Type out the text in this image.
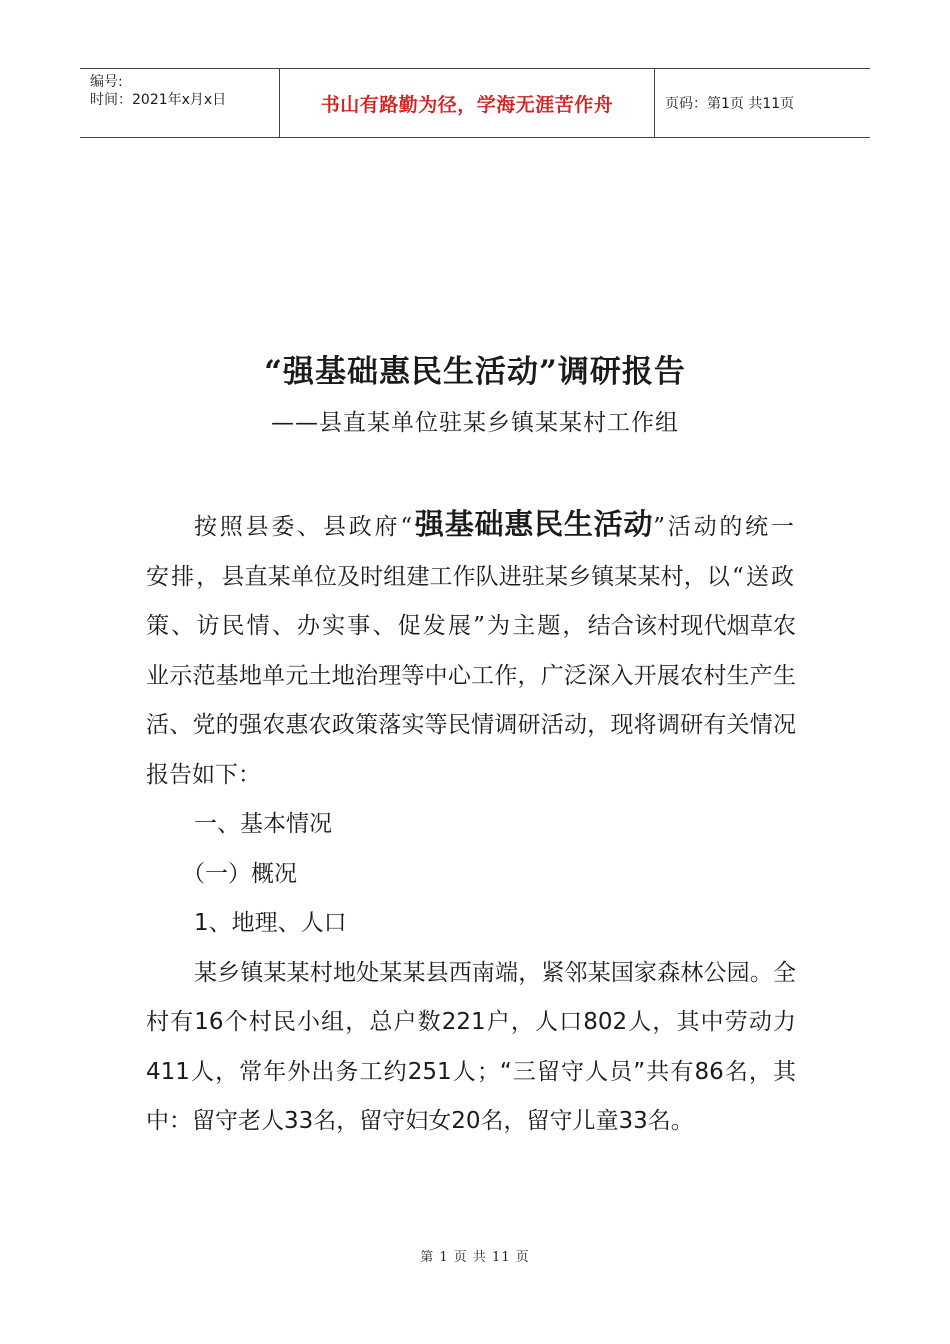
编号:
时间：2021年x月x日	书山有路勤为径，学海无涯苦作舟	页码：第1页 共11页
“强基础惠民生活动”调研报告
——县直某单位驻某乡镇某某村工作组

按照县委、县政府“强基础惠民生活动”活动的统一安排，县直某单位及时组建工作队进驻某乡镇某某村，以“送政策、访民情、办实事、促发展”为主题，结合该村现代烟草农业示范基地单元土地治理等中心工作，广泛深入开展农村生产生活、党的强农惠农政策落实等民情调研活动，现将调研有关情况报告如下：

一、基本情况

（一）概况

1、地理、人口

某乡镇某某村地处某某县西南端，紧邻某国家森林公园。全村有16个村民小组，总户数221户，人口802人，其中劳动力411人，常年外出务工约251人；“三留守人员”共有86名，其中：留守老人33名，留守妇女20名，留守儿童33名。

第 1 页 共 11 页
